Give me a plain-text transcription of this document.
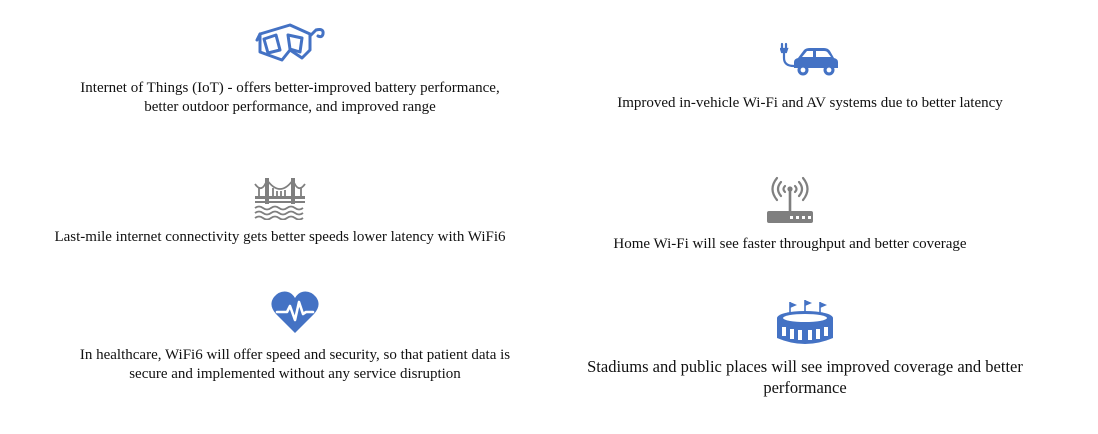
Internet of Things (IoT) - offers better-improved battery performance,
better outdoor performance, and improved range	Improved in-vehicle Wi-Fi and AV systems due to better latency
Last-mile internet connectivity gets better speeds lower latency with WiFi6	Home Wi-Fi will see faster throughput and better coverage
In healthcare, WiFi6 will offer speed and security, so that patient data is
secure and implemented without any service disruption	Stadiums and public places will see improved coverage and better
performance
